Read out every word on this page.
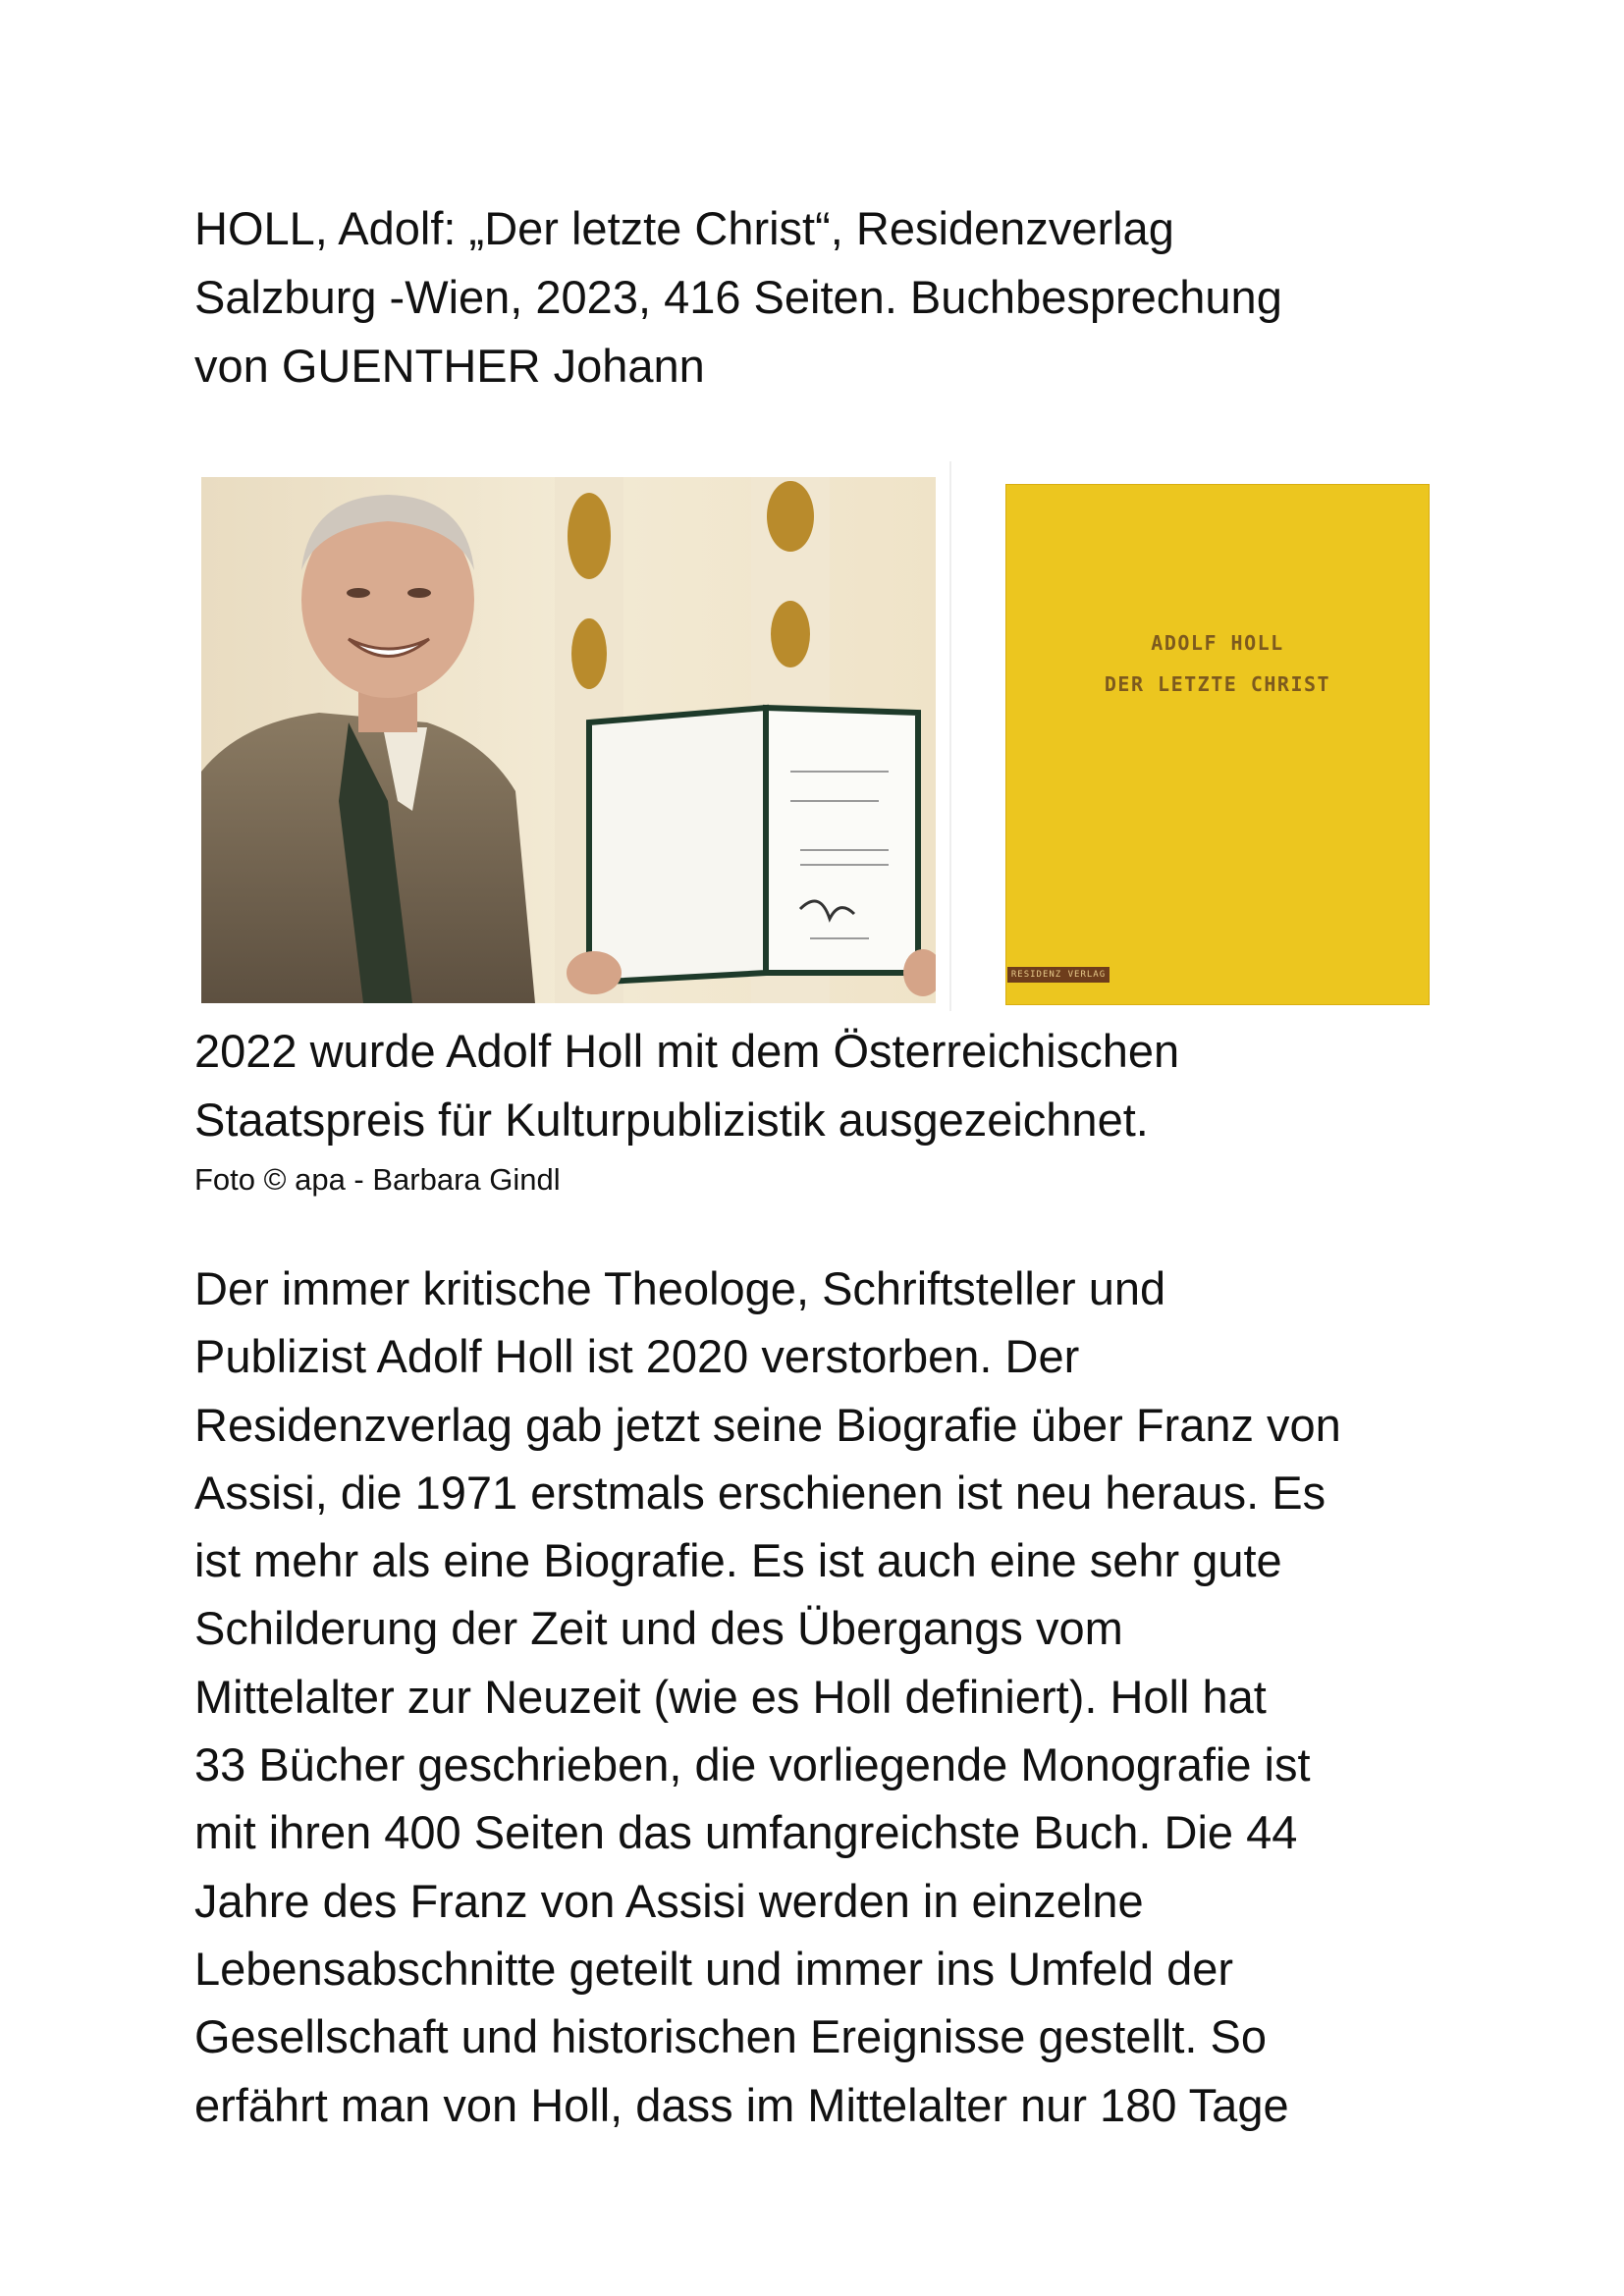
HOLL, Adolf: „Der letzte Christ“, Residenzverlag
Salzburg -Wien, 2023, 416 Seiten. Buchbesprechung
von GUENTHER Johann

ADOLF HOLL
DER LETZTE CHRIST
RESIDENZ VERLAG

2022 wurde Adolf Holl mit dem Österreichischen
Staatspreis für Kulturpublizistik ausgezeichnet.

Foto © apa - Barbara Gindl

Der immer kritische Theologe, Schriftsteller und
Publizist Adolf Holl ist 2020 verstorben. Der
Residenzverlag gab jetzt seine Biografie über Franz von
Assisi, die 1971 erstmals erschienen ist neu heraus. Es
ist mehr als eine Biografie. Es ist auch eine sehr gute
Schilderung der Zeit und des Übergangs vom
Mittelalter zur Neuzeit (wie es Holl definiert). Holl hat
33 Bücher geschrieben, die vorliegende Monografie ist
mit ihren 400 Seiten das umfangreichste Buch. Die 44
Jahre des Franz von Assisi werden in einzelne
Lebensabschnitte geteilt und immer ins Umfeld der
Gesellschaft und historischen Ereignisse gestellt. So
erfährt man von Holl, dass im Mittelalter nur 180 Tage
